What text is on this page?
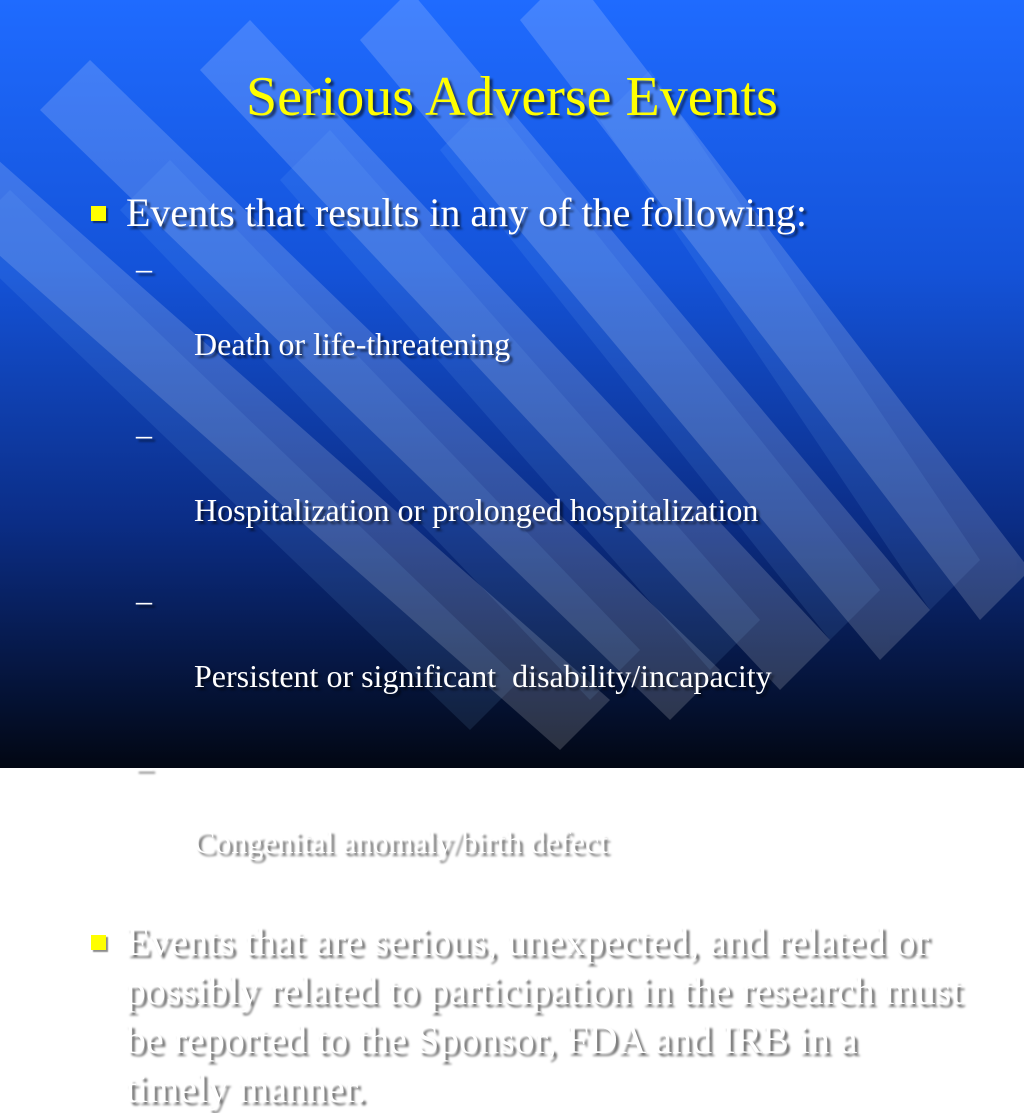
Serious Adverse Events
Events that results in any of the following:

–

Death or life-threatening

–

Hospitalization or prolonged hospitalization

–

Persistent or significant  disability/incapacity

–

Congenital anomaly/birth defect

Events that are serious, unexpected, and related or possibly related to participation in the research must be reported to the Sponsor, FDA and IRB in a timely manner.
